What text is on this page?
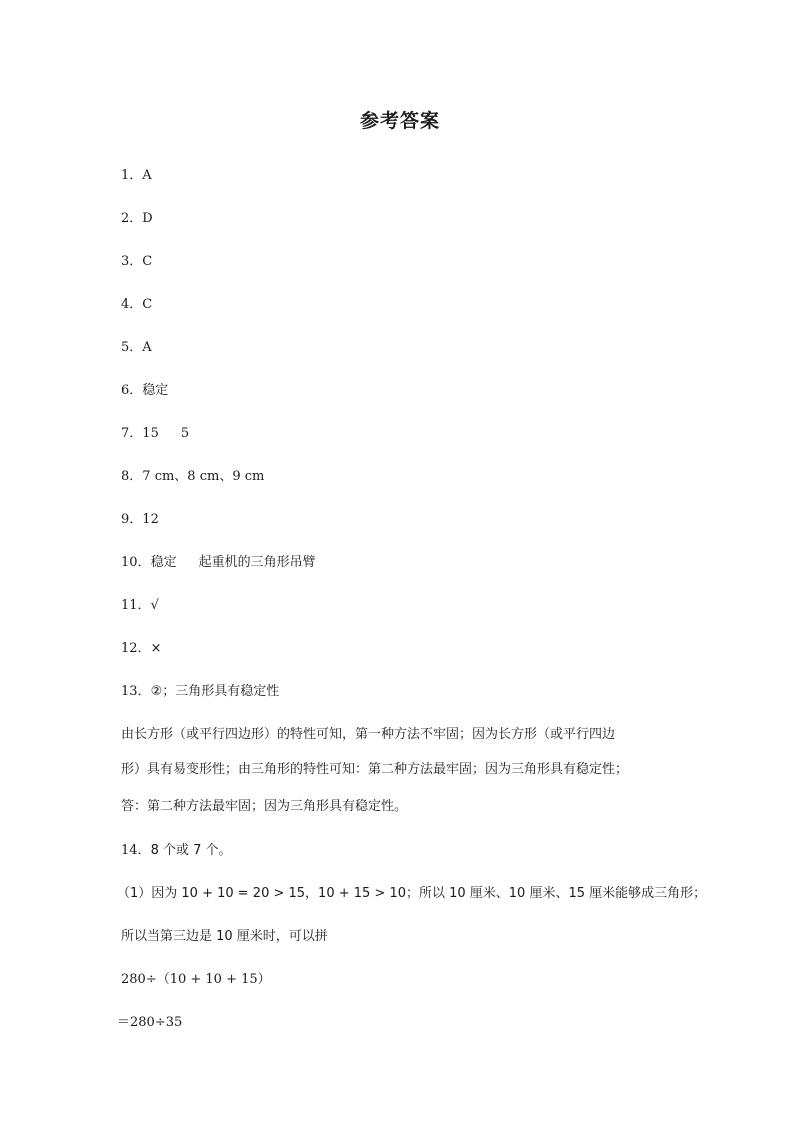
参考答案
1．A
2．D
3．C
4．C
5．A
6．稳定
7．15 5
8．7 cm、8 cm、9 cm
9．12
10．稳定 起重机的三角形吊臂
11．√
12．×
13．②；三角形具有稳定性
由长方形（或平行四边形）的特性可知，第一种方法不牢固；因为长方形（或平行四边
形）具有易变形性；由三角形的特性可知：第二种方法最牢固；因为三角形具有稳定性；
答：第二种方法最牢固；因为三角形具有稳定性。
14．8 个或 7 个。
（1）因为 10 + 10 = 20 > 15，10 + 15 > 10；所以 10 厘米、10 厘米、15 厘米能够成三角形；
所以当第三边是 10 厘米时，可以拼
280÷（10 + 10 + 15）
＝280÷35
